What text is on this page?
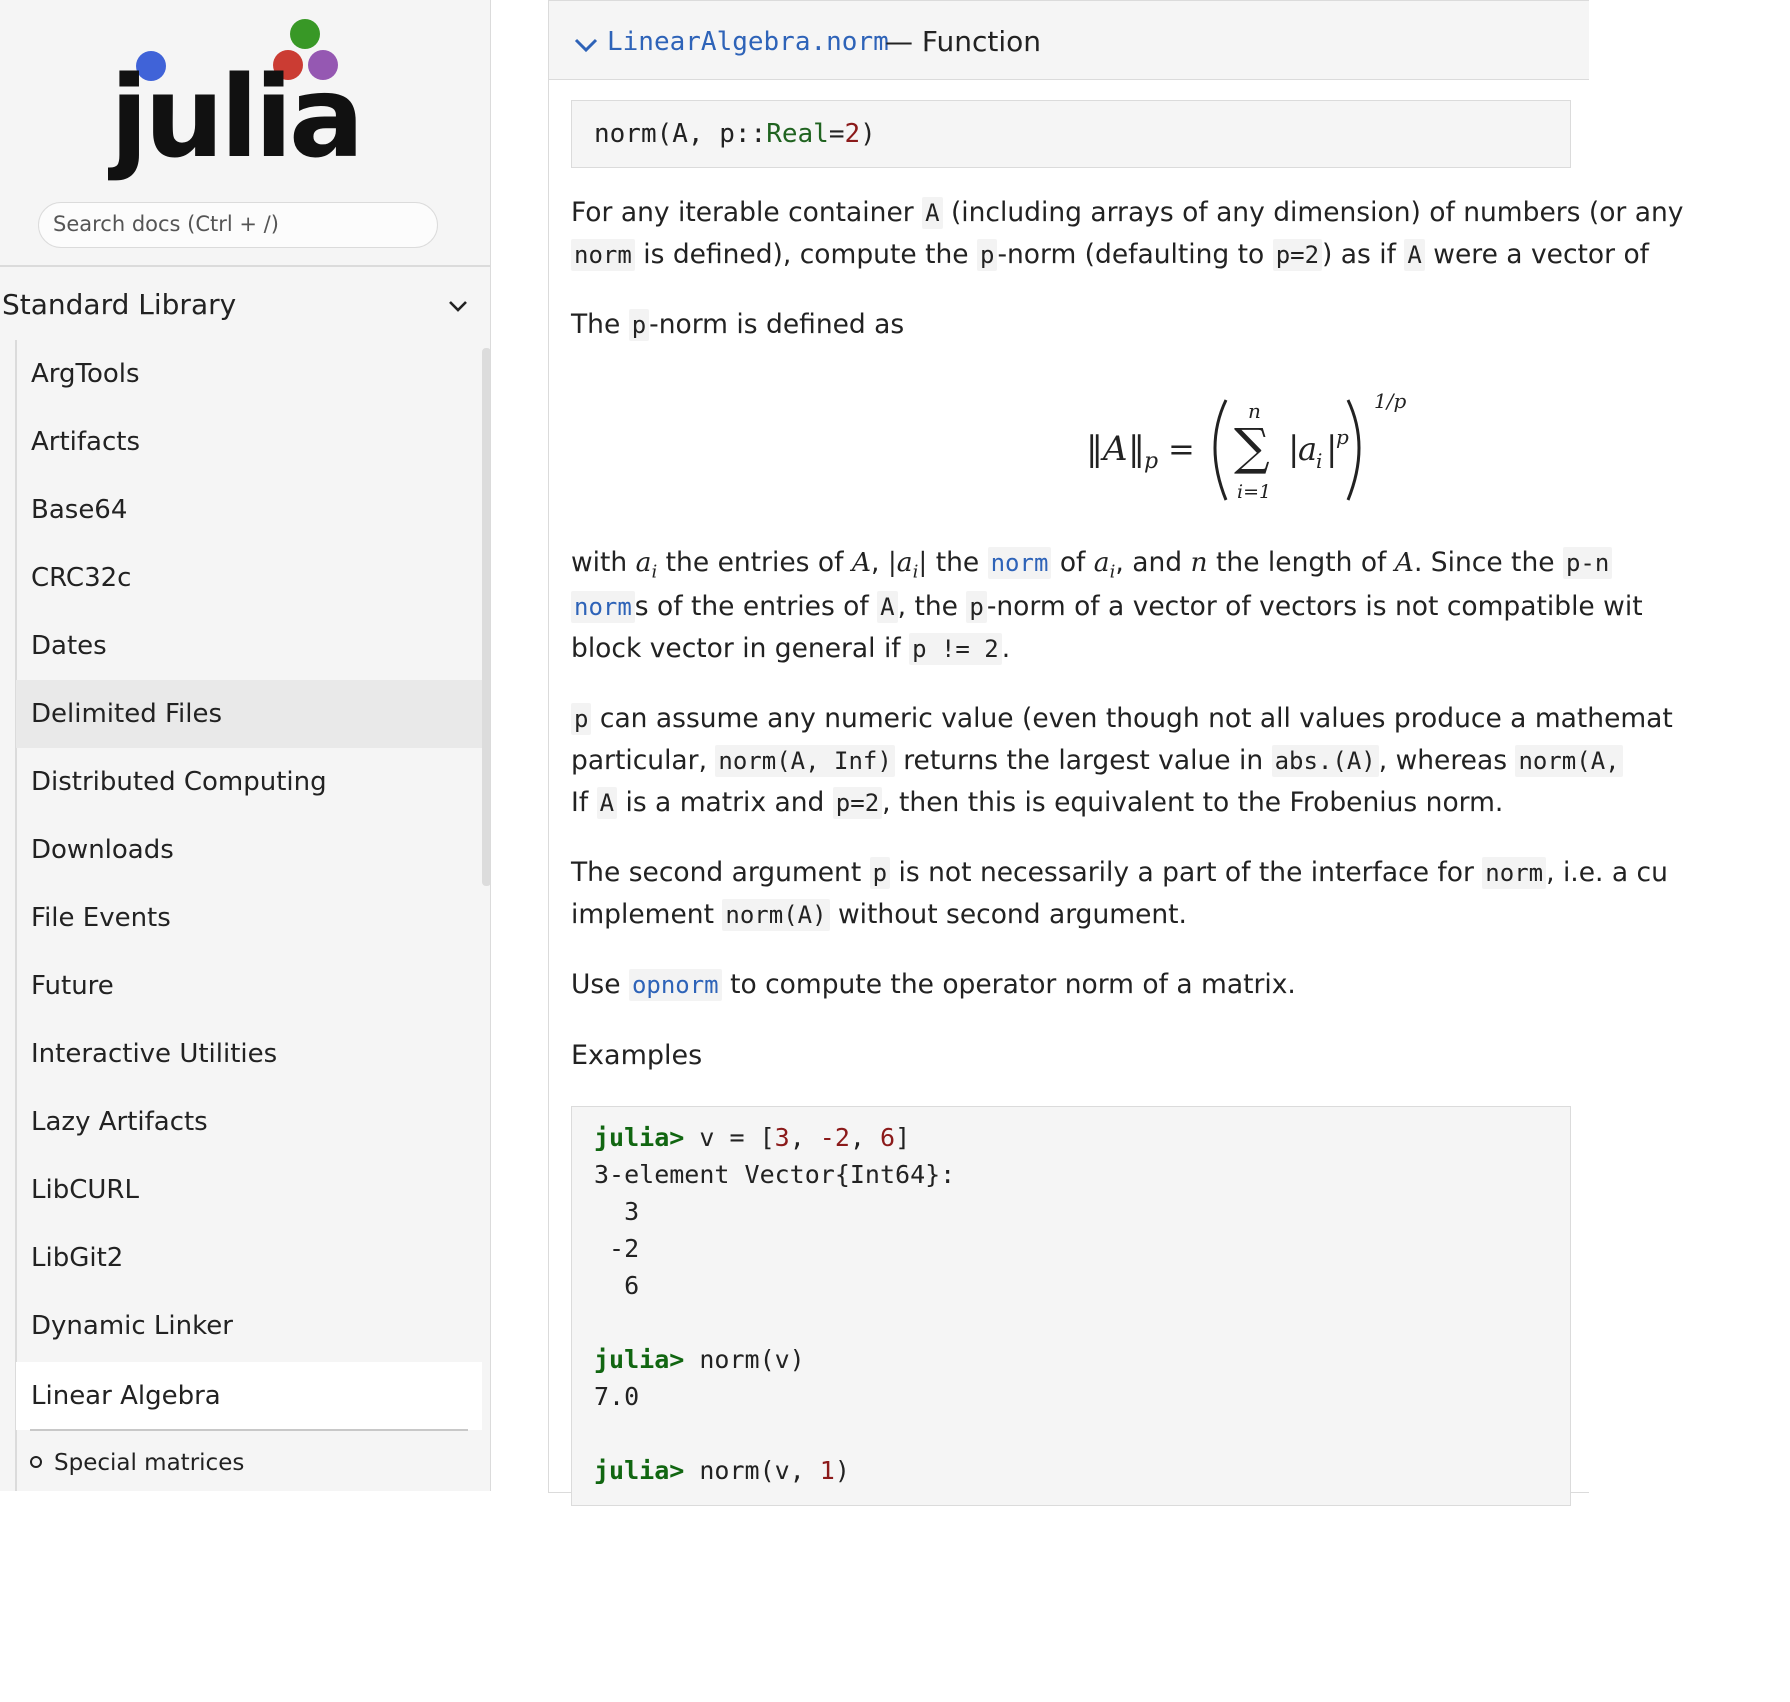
julia
Search docs (Ctrl + /)
Standard Library
ArgTools
Artifacts
Base64
CRC32c
Dates
Delimited Files
Distributed Computing
Downloads
File Events
Future
Interactive Utilities
Lazy Artifacts
LibCURL
LibGit2
Dynamic Linker
Linear Algebra
Special matrices
LinearAlgebra.norm
— Function
norm(A, p::Real=2)
For any iterable container A (including arrays of any dimension) of numbers (or any
norm is defined), compute the p -norm (defaulting to p=2 ) as if A were a vector of
The p -norm is defined as
‖ A ‖ p =
n
∑
i=1
|
a
i |
p
1/p
with $a_i$ the entries of A, $|a_i|$ the norm of $a_i$, and n the length of A. Since the p-n
norm s of the entries of A , the p -norm of a vector of vectors is not compatible wit
block vector in general if p != 2 .
p can assume any numeric value (even though not all values produce a mathemat
particular, norm(A, Inf) returns the largest value in abs.(A) , whereas norm(A,
If A is a matrix and p=2 , then this is equivalent to the Frobenius norm.
The second argument p is not necessarily a part of the interface for norm , i.e. a cu
implement norm(A) without second argument.
Use opnorm to compute the operator norm of a matrix.
Examples
julia> v = [3, -2, 6]
3-element Vector{Int64}:
3
-2
6
julia> norm(v)
7.0
julia> norm(v, 1)
